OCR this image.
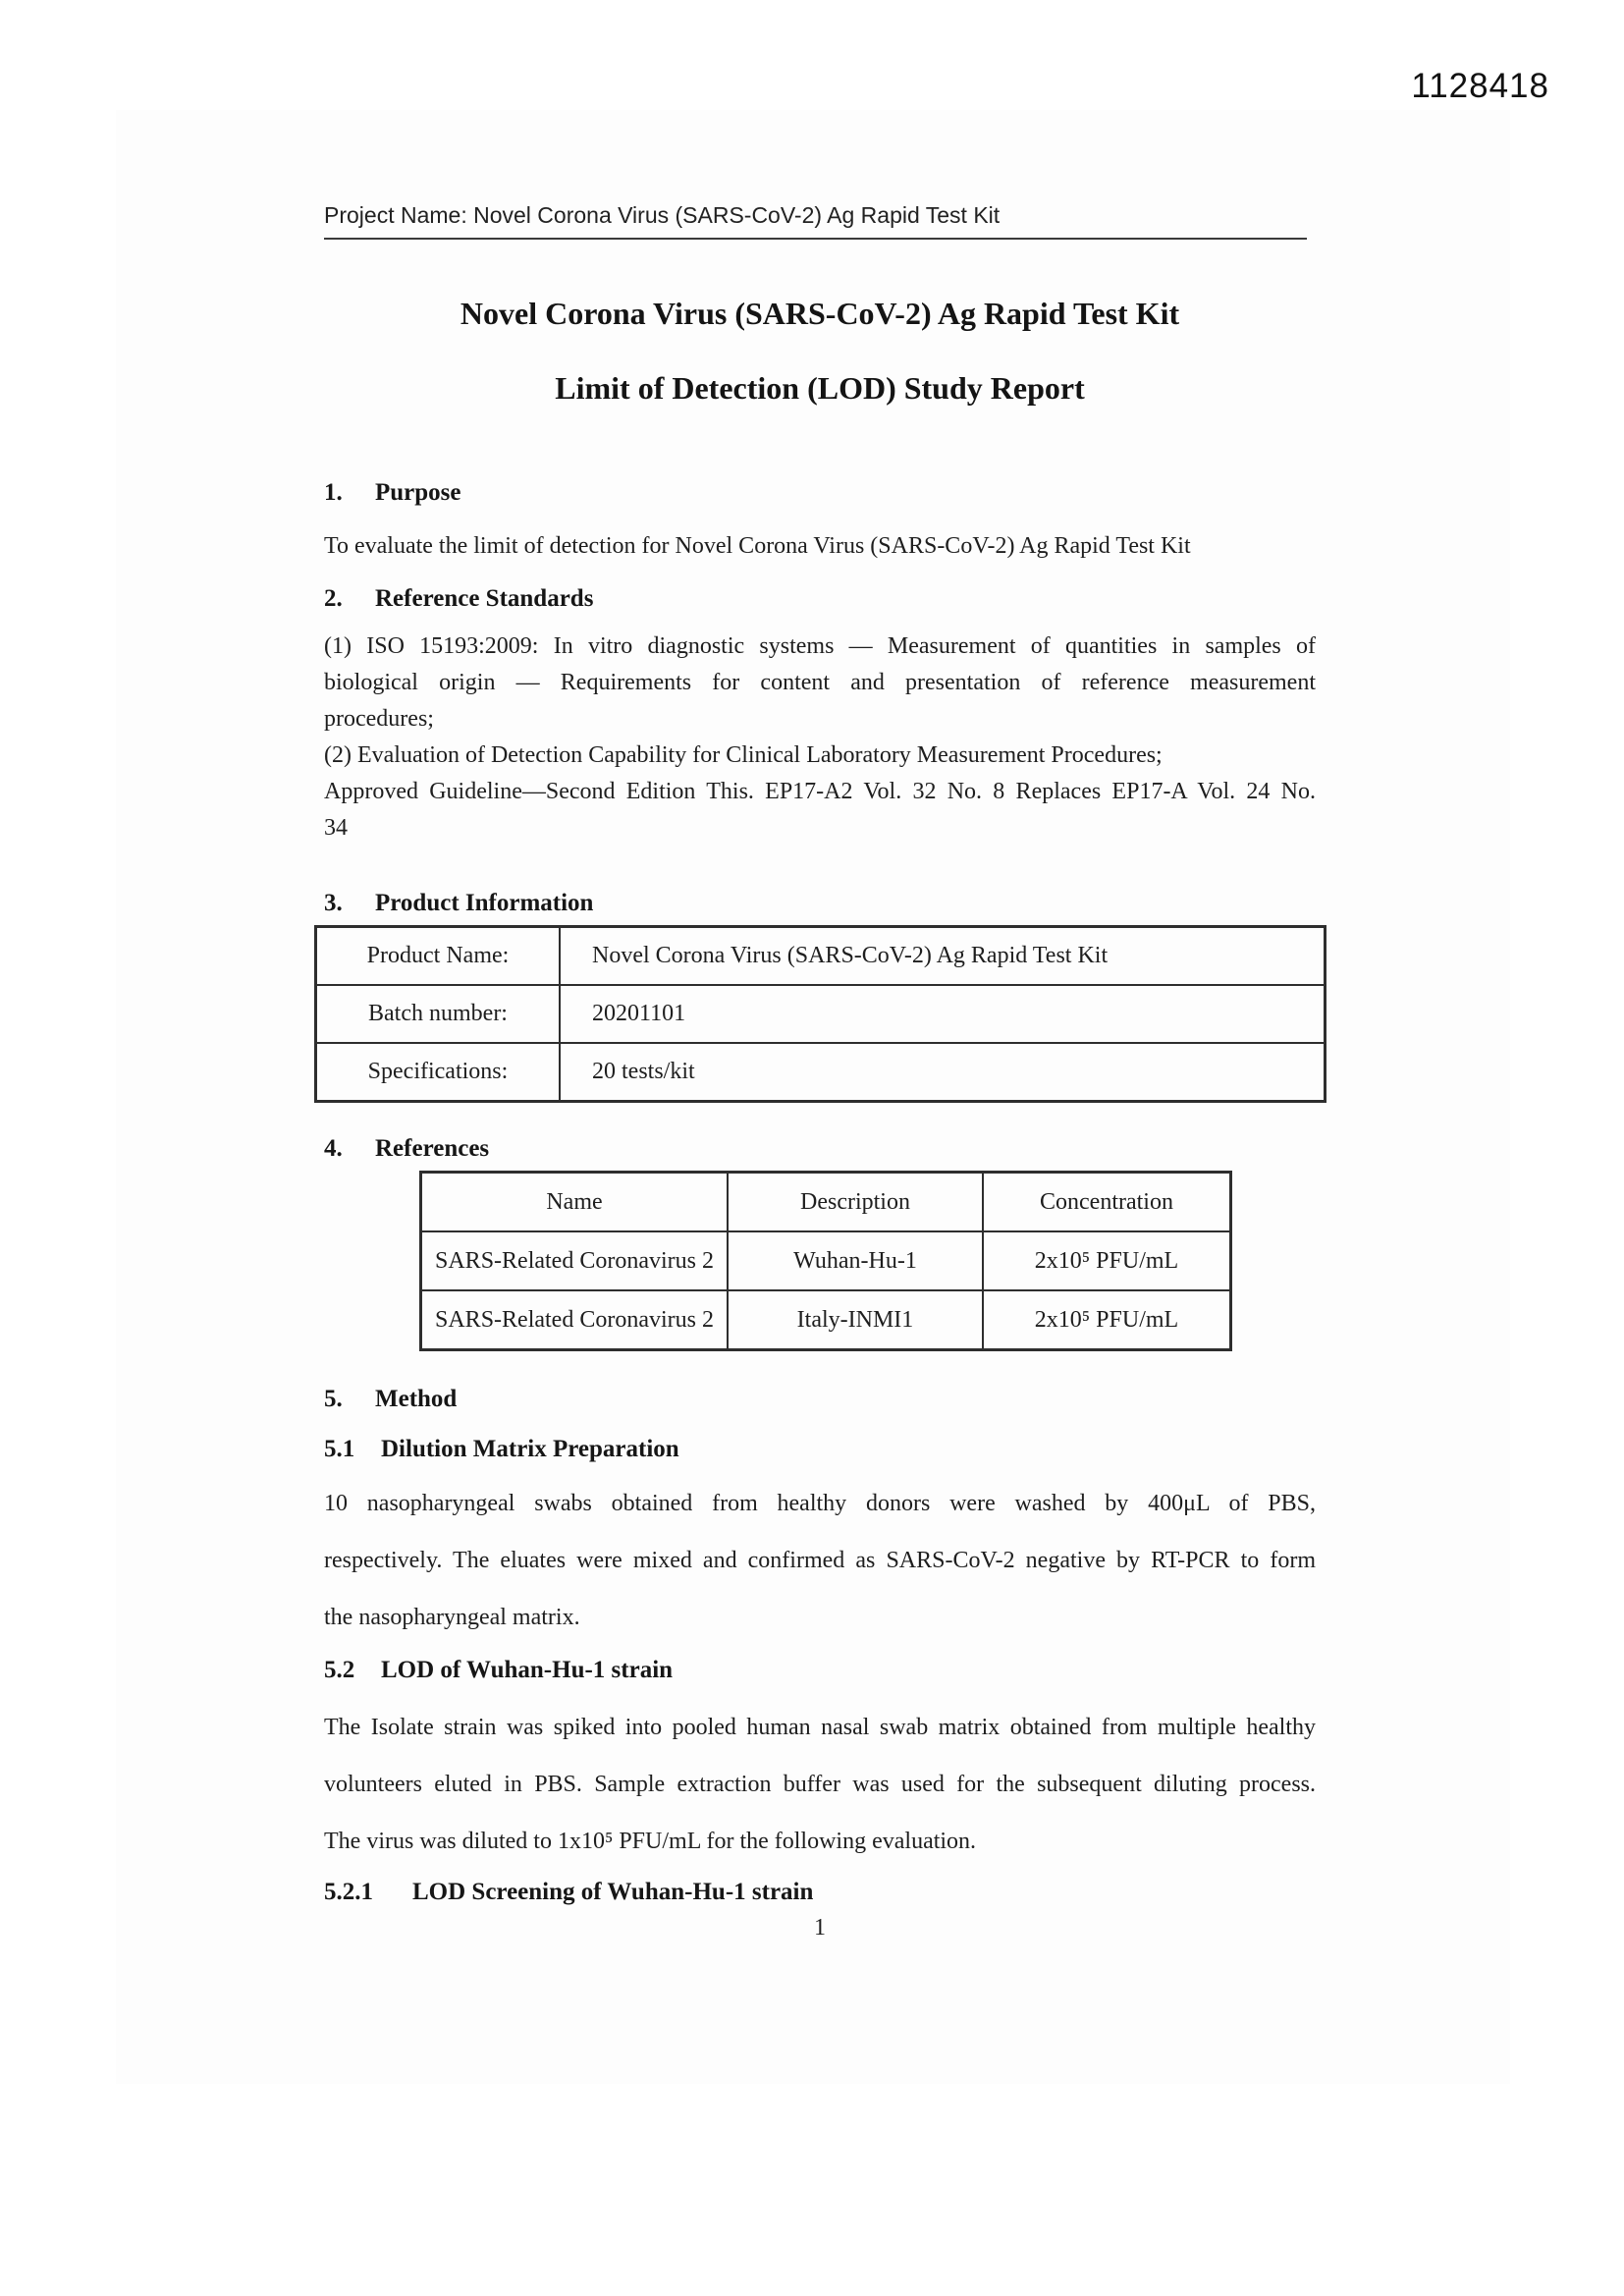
1128418
Project Name: Novel Corona Virus (SARS-CoV-2) Ag Rapid Test Kit
Novel Corona Virus (SARS-CoV-2) Ag Rapid Test Kit
Limit of Detection (LOD) Study Report
1. Purpose
To evaluate the limit of detection for Novel Corona Virus (SARS-CoV-2) Ag Rapid Test Kit
2. Reference Standards
(1) ISO 15193:2009: In vitro diagnostic systems — Measurement of quantities in samples of
biological origin — Requirements for content and presentation of reference measurement
procedures;
(2) Evaluation of Detection Capability for Clinical Laboratory Measurement Procedures;
Approved Guideline—Second Edition This. EP17-A2 Vol. 32 No. 8 Replaces EP17-A Vol. 24 No.
34
3. Product Information
Product Name:	Novel Corona Virus (SARS-CoV-2) Ag Rapid Test Kit
Batch number:	20201101
Specifications:	20 tests/kit
4. References
Name	Description	Concentration
SARS-Related Coronavirus 2	Wuhan-Hu-1	2x10⁵ PFU/mL
SARS-Related Coronavirus 2	Italy-INMI1	2x10⁵ PFU/mL
5. Method
5.1 Dilution Matrix Preparation
10 nasopharyngeal swabs obtained from healthy donors were washed by 400μL of PBS,
respectively. The eluates were mixed and confirmed as SARS-CoV-2 negative by RT-PCR to form
the nasopharyngeal matrix.
5.2 LOD of Wuhan-Hu-1 strain
The Isolate strain was spiked into pooled human nasal swab matrix obtained from multiple healthy
volunteers eluted in PBS. Sample extraction buffer was used for the subsequent diluting process.
The virus was diluted to 1x10⁵ PFU/mL for the following evaluation.
5.2.1 LOD Screening of Wuhan-Hu-1 strain
1
